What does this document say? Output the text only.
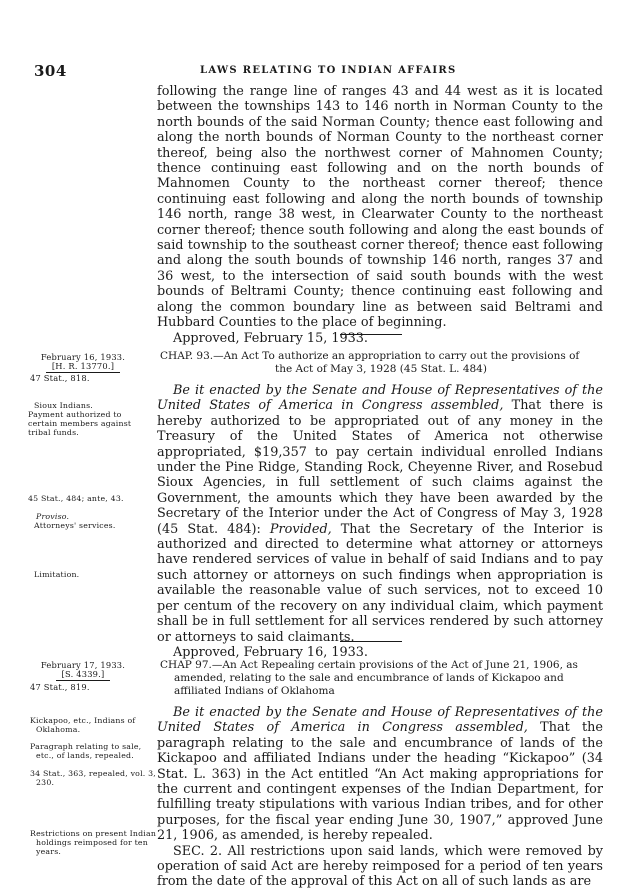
304	LAWS RELATING TO INDIAN AFFAIRS

following the range line of ranges 43 and 44 west as it is located between the townships 143 to 146 north in Norman County to the north bounds of the said Norman County; thence east following and along the north bounds of Norman County to the northeast corner thereof, being also the northwest corner of Mahnomen County; thence continuing east following and on the north bounds of Mahnomen County to the northeast corner thereof; thence continuing east following and along the north bounds of township 146 north, range 38 west, in Clearwater County to the northeast corner thereof; thence south following and along the east bounds of said township to the southeast corner thereof; thence east following and along the south bounds of township 146 north, ranges 37 and 36 west, to the intersection of said south bounds with the west bounds of Beltrami County; thence continuing east following and along the common boundary line as between said Beltrami and Hubbard Counties to the place of beginning.

Approved, February 15, 1933.

February 16, 1933.
[H. R. 13770.]
47 Stat., 818.
Sioux Indians.
Payment authorized to certain members against tribal funds.
45 Stat., 484; ante, 43.
Proviso.
Attorneys' services.
Limitation.
CHAP. 93.—An Act To authorize an appropriation to carry out the provisions of
the Act of May 3, 1928 (45 Stat. L. 484)

Be it enacted by the Senate and House of Representatives of the United States of America in Congress assembled, That there is hereby authorized to be appropriated out of any money in the Treasury of the United States of America not otherwise appropriated, $19,357 to pay certain individual enrolled Indians under the Pine Ridge, Standing Rock, Cheyenne River, and Rosebud Sioux Agencies, in full settlement of such claims against the Government, the amounts which they have been awarded by the Secretary of the Interior under the Act of Congress of May 3, 1928 (45 Stat. 484): Provided, That the Secretary of the Interior is authorized and directed to determine what attorney or attorneys have rendered services of value in behalf of said Indians and to pay such attorney or attorneys on such findings when appropriation is available the reasonable value of such services, not to exceed 10 per centum of the recovery on any individual claim, which payment shall be in full settlement for all services rendered by such attorney or attorneys to said claimants.

Approved, February 16, 1933.

February 17, 1933.
[S. 4339.]
47 Stat., 819.
Kickapoo, etc., Indians of Oklahoma.
Paragraph relating to sale, etc., of lands, repealed.
34 Stat., 363, repealed, vol. 3, 230.
Restrictions on present Indian holdings reimposed for ten years.
CHAP 97.—An Act Repealing certain provisions of the Act of June 21, 1906, as amended, relating to the sale and encumbrance of lands of Kickapoo and affiliated Indians of Oklahoma

Be it enacted by the Senate and House of Representatives of the United States of America in Congress assembled, That the paragraph relating to the sale and encumbrance of lands of the Kickapoo and affiliated Indians under the heading “Kickapoo” (34 Stat. L. 363) in the Act entitled “An Act making appropriations for the current and contingent expenses of the Indian Department, for fulfilling treaty stipulations with various Indian tribes, and for other purposes, for the fiscal year ending June 30, 1907,” approved June 21, 1906, as amended, is hereby repealed.

SEC. 2. All restrictions upon said lands, which were removed by operation of said Act are hereby reimposed for a period of ten years from the date of the approval of this Act on all of such lands as are
